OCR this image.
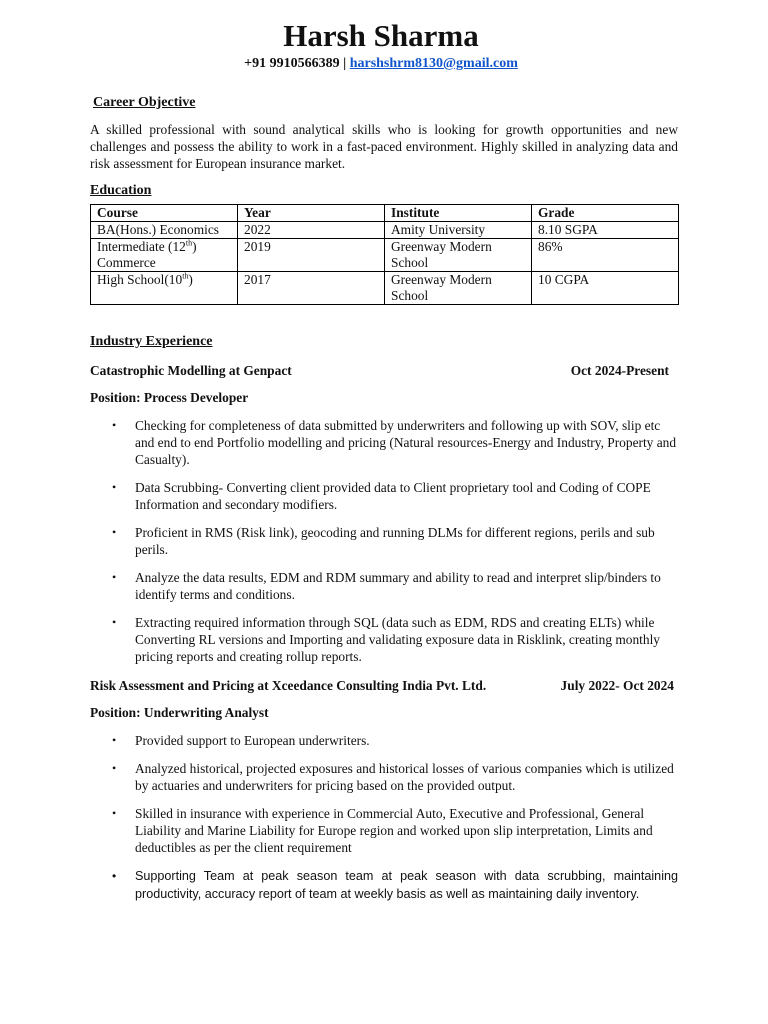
Harsh Sharma
+91 9910566389 | harshshrm8130@gmail.com
Career Objective
A skilled professional with sound analytical skills who is looking for growth opportunities and new challenges and possess the ability to work in a fast-paced environment. Highly skilled in analyzing data and risk assessment for European insurance market.
Education
Course	Year	Institute	Grade
BA(Hons.) Economics	2022	Amity University	8.10 SGPA
Intermediate (12th) Commerce	2019	Greenway Modern School	86%
High School(10th)	2017	Greenway Modern School	10 CGPA
Industry Experience
Catastrophic Modelling at Genpact	Oct 2024-Present
Position: Process Developer
• Checking for completeness of data submitted by underwriters and following up with SOV, slip etc and end to end Portfolio modelling and pricing (Natural resources-Energy and Industry, Property and Casualty).
• Data Scrubbing- Converting client provided data to Client proprietary tool and Coding of COPE Information and secondary modifiers.
• Proficient in RMS (Risk link), geocoding and running DLMs for different regions, perils and sub perils.
• Analyze the data results, EDM and RDM summary and ability to read and interpret slip/binders to identify terms and conditions.
• Extracting required information through SQL (data such as EDM, RDS and creating ELTs) while Converting RL versions and Importing and validating exposure data in Risklink, creating monthly pricing reports and creating rollup reports.
Risk Assessment and Pricing at Xceedance Consulting India Pvt. Ltd.	July 2022- Oct 2024
Position: Underwriting Analyst
• Provided support to European underwriters.
• Analyzed historical, projected exposures and historical losses of various companies which is utilized by actuaries and underwriters for pricing based on the provided output.
• Skilled in insurance with experience in Commercial Auto, Executive and Professional, General Liability and Marine Liability for Europe region and worked upon slip interpretation, Limits and deductibles as per the client requirement
• Supporting Team at peak season team at peak season with data scrubbing, maintaining productivity, accuracy report of team at weekly basis as well as maintaining daily inventory.
